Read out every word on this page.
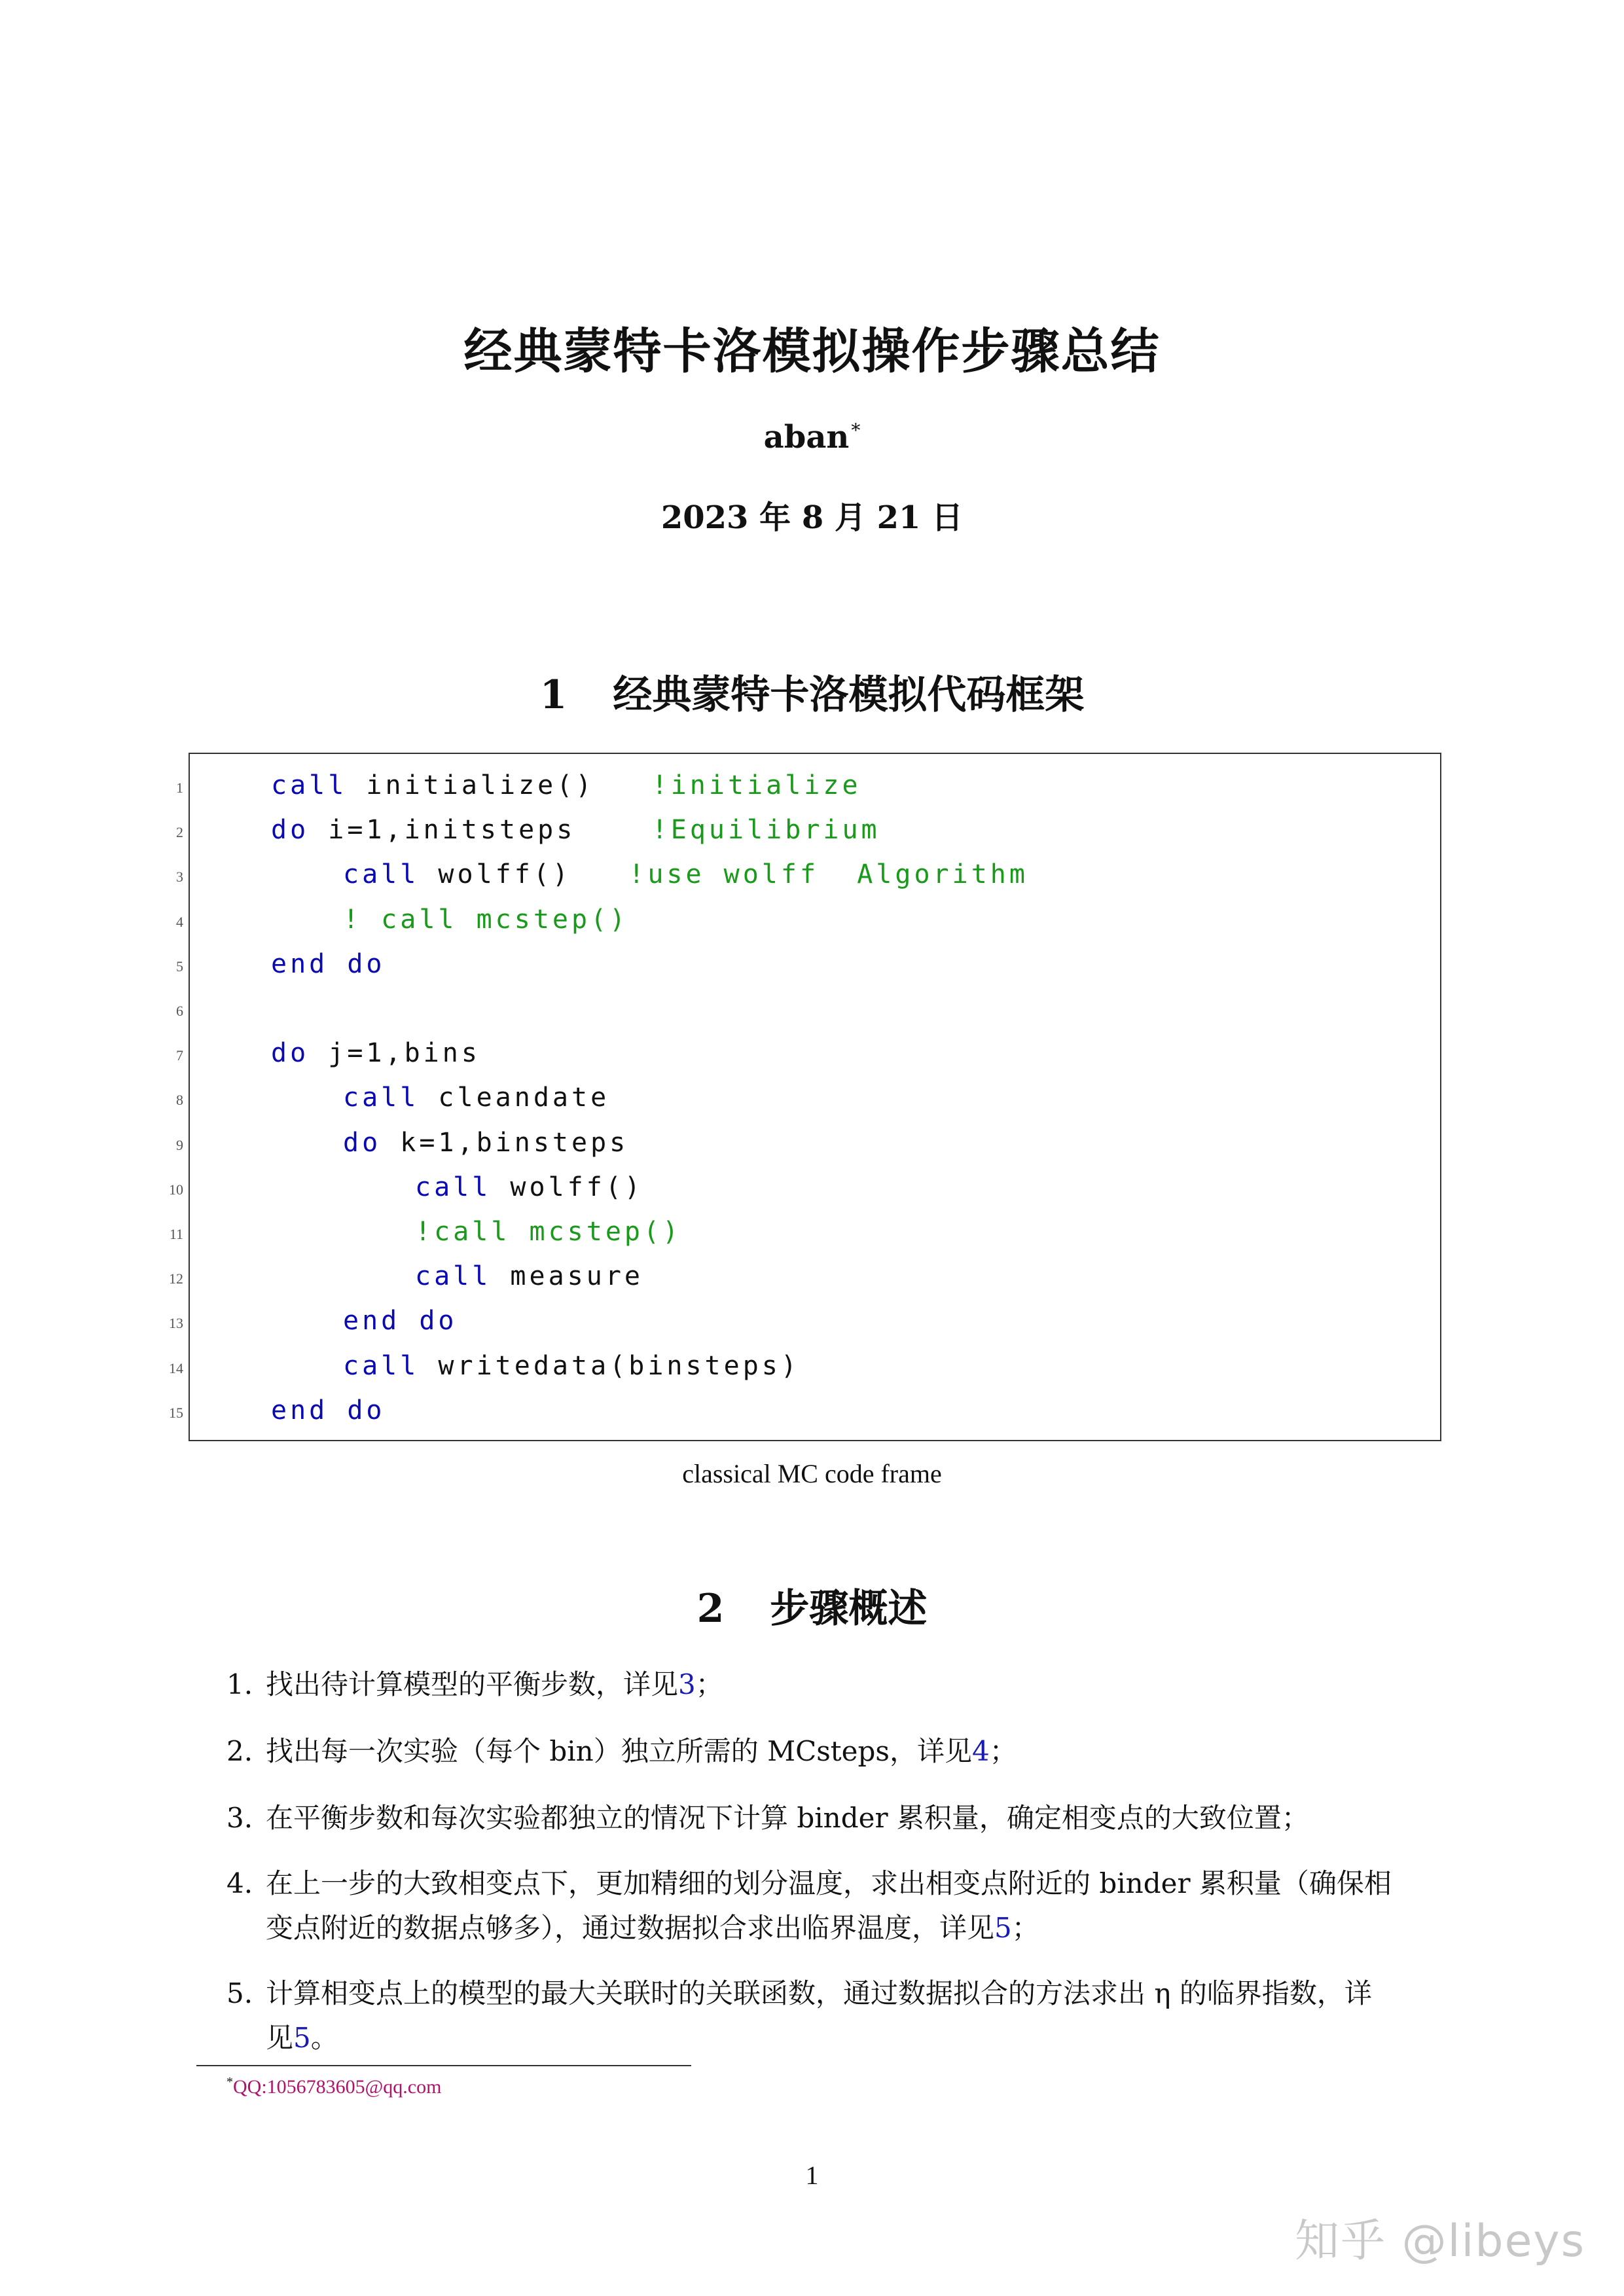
经典蒙特卡洛模拟操作步骤总结
aban *
2023 年 8 月 21 日
1 经典蒙特卡洛模拟代码框架
1	call initialize()   !initialize
2	do i=1,initsteps    !Equilibrium
3	call wolff()   !use wolff  Algorithm
4	! call mcstep()
5	end do
6
7	do j=1,bins
8	call cleandate
9	do k=1,binsteps
10	call wolff()
11	!call mcstep()
12	call measure
13	end do
14	call writedata(binsteps)
15	end do
classical MC code frame
2 步骤概述
1. 找出待计算模型的平衡步数，详见3；
2. 找出每一次实验（每个 bin）独立所需的 MCsteps，详见4；
3. 在平衡步数和每次实验都独立的情况下计算 binder 累积量，确定相变点的大致位置；
4. 在上一步的大致相变点下，更加精细的划分温度，求出相变点附近的 binder 累积量（确保相
变点附近的数据点够多），通过数据拟合求出临界温度，详见5；
5. 计算相变点上的模型的最大关联时的关联函数，通过数据拟合的方法求出 η 的临界指数，详
见5。
*QQ:1056783605@qq.com
1
知乎 @libeys
